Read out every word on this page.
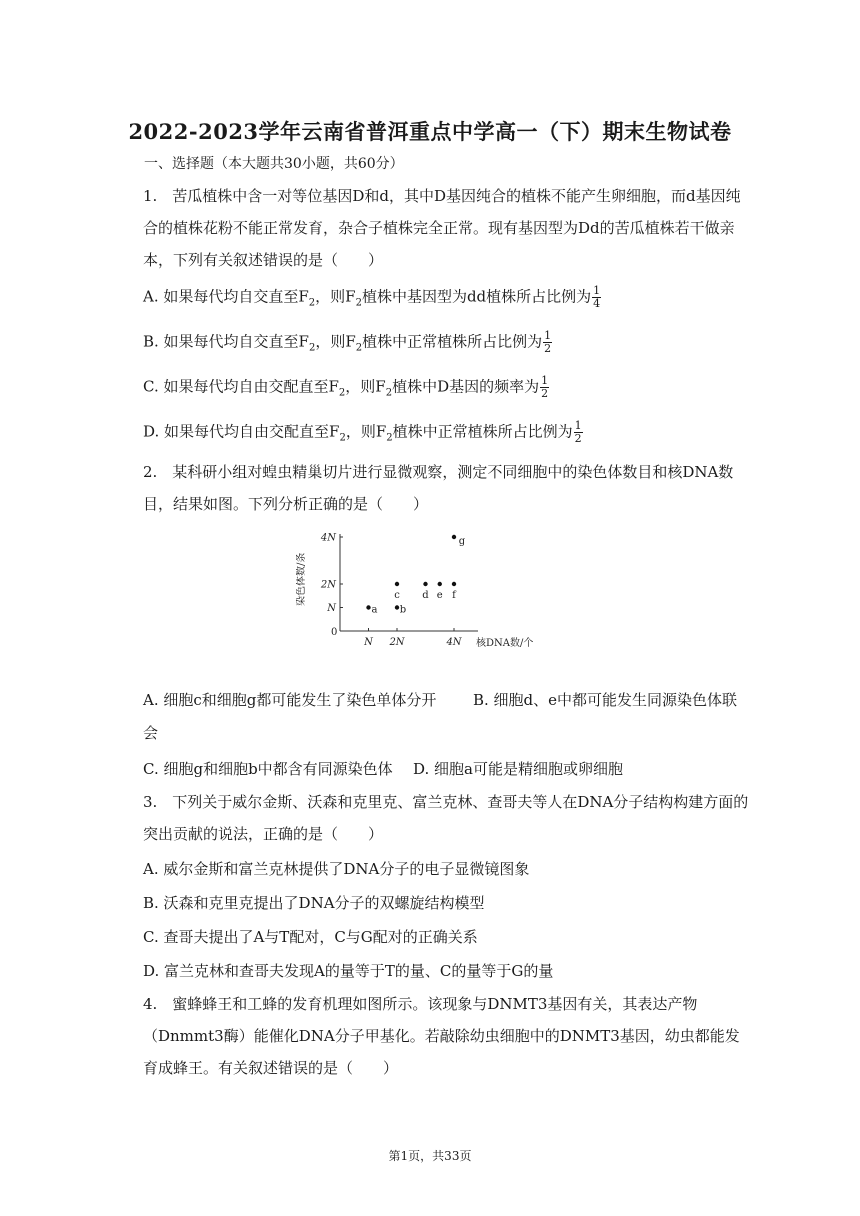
2022-2023学年云南省普洱重点中学高一（下）期末生物试卷
一、选择题（本大题共30小题，共60分）
1.　苦瓜植株中含一对等位基因D和d，其中D基因纯合的植株不能产生卵细胞，而d基因纯合的植株花粉不能正常发育，杂合子植株完全正常。现有基因型为Dd的苦瓜植株若干做亲本，下列有关叙述错误的是（　　）
A. 如果每代均自交直至$F_2$，则$F_2$植株中基因型为dd植株所占比例为 $\frac{1}{4}$
B. 如果每代均自交直至$F_2$，则$F_2$植株中正常植株所占比例为 $\frac{1}{2}$
C. 如果每代均自由交配直至$F_2$，则$F_2$植株中D基因的频率为 $\frac{1}{2}$
D. 如果每代均自由交配直至$F_2$，则$F_2$植株中正常植株所占比例为 $\frac{1}{2}$
2.　某科研小组对蝗虫精巢切片进行显微观察，测定不同细胞中的染色体数目和核DNA数目，结果如图。下列分析正确的是（　　）
0
N 2N	4N
N
2N
4N
核DNA数/个
染色体数/条
a b
c d e f
g
A. 细胞c和细胞g都可能发生了染色单体分开 B. 细胞d、e中都可能发生同源染色体联
会
C. 细胞g和细胞b中都含有同源染色体 D. 细胞a可能是精细胞或卵细胞
3.　下列关于威尔金斯、沃森和克里克、富兰克林、查哥夫等人在DNA分子结构构建方面的突出贡献的说法，正确的是（　　）
A. 威尔金斯和富兰克林提供了DNA分子的电子显微镜图象
B. 沃森和克里克提出了DNA分子的双螺旋结构模型
C. 查哥夫提出了A与T配对，C与G配对的正确关系
D. 富兰克林和查哥夫发现A的量等于T的量、C的量等于G的量
4.　蜜蜂蜂王和工蜂的发育机理如图所示。该现象与DNMT3基因有关，其表达产物（Dnmmt3酶）能催化DNA分子甲基化。若敲除幼虫细胞中的DNMT3基因，幼虫都能发育成蜂王。有关叙述错误的是（　　）
第1页，共33页
